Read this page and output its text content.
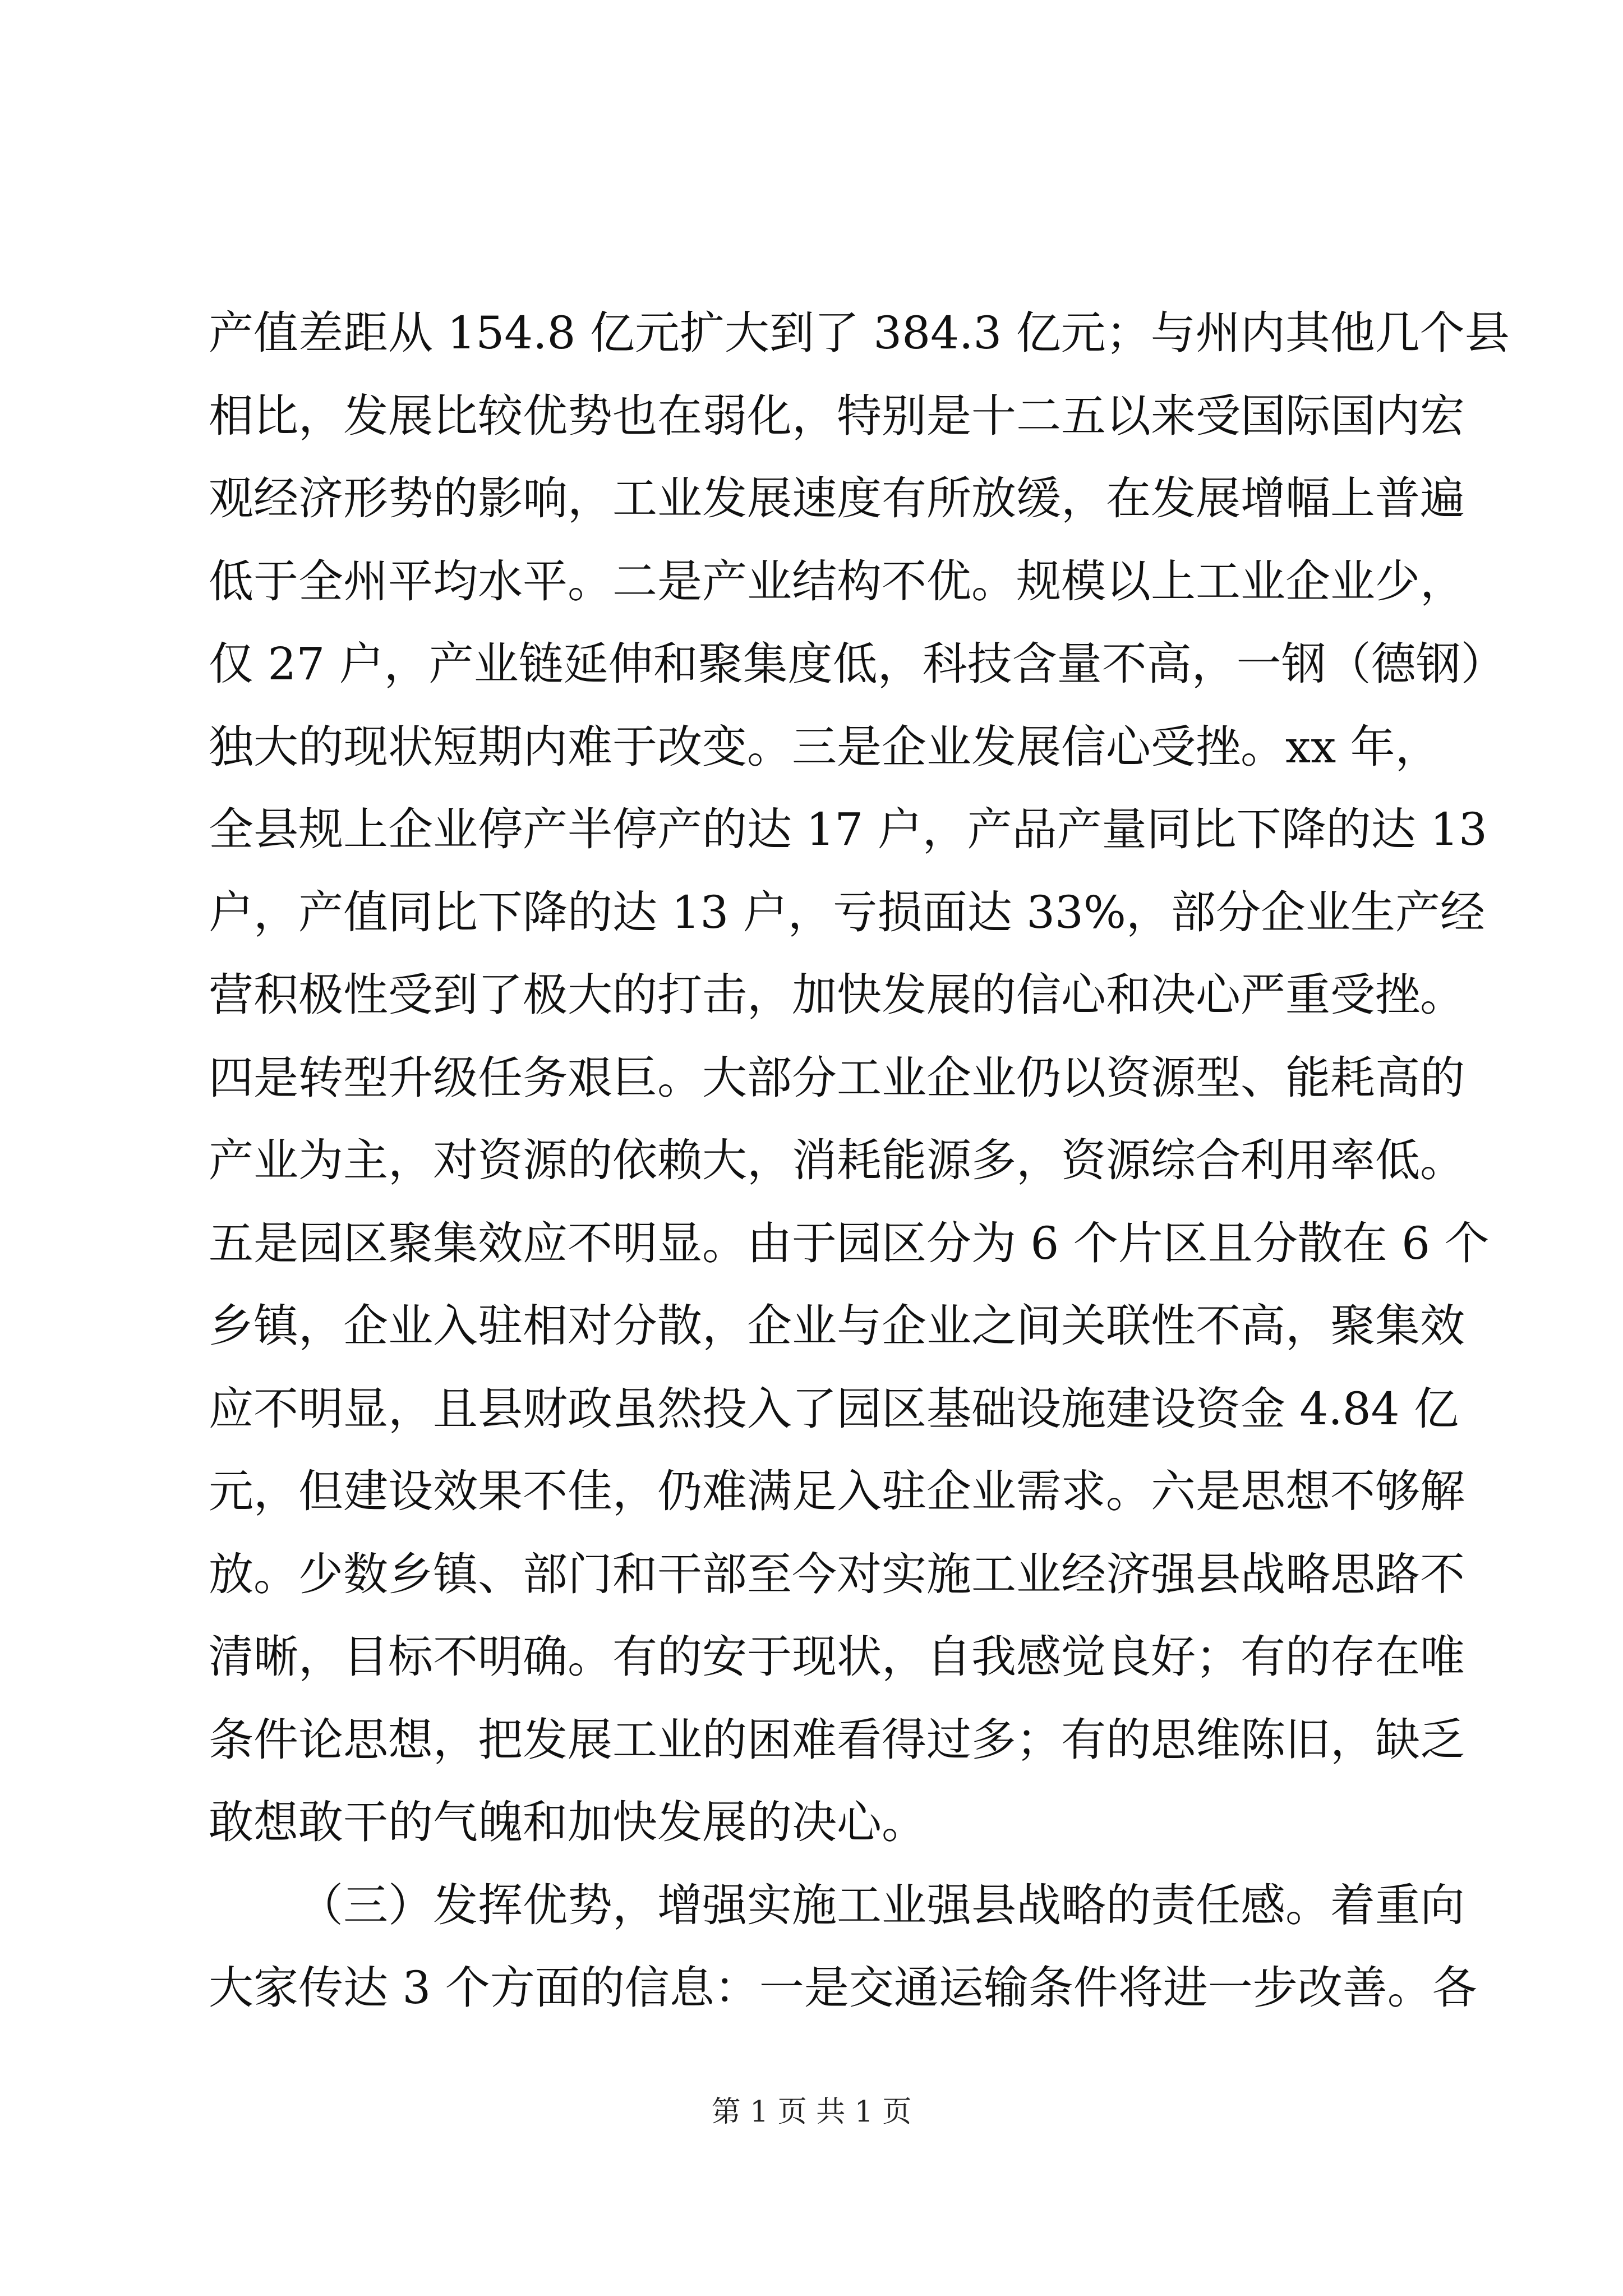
产值差距从 154.8 亿元扩大到了 384.3 亿元；与州内其他几个县
相比，发展比较优势也在弱化，特别是十二五以来受国际国内宏
观经济形势的影响，工业发展速度有所放缓，在发展增幅上普遍
低于全州平均水平。二是产业结构不优。规模以上工业企业少，
仅 27 户，产业链延伸和聚集度低，科技含量不高，一钢（德钢）
独大的现状短期内难于改变。三是企业发展信心受挫。xx 年，
全县规上企业停产半停产的达 17 户，产品产量同比下降的达 13
户，产值同比下降的达 13 户，亏损面达 33%，部分企业生产经
营积极性受到了极大的打击，加快发展的信心和决心严重受挫。
四是转型升级任务艰巨。大部分工业企业仍以资源型、能耗高的
产业为主，对资源的依赖大，消耗能源多，资源综合利用率低。
五是园区聚集效应不明显。由于园区分为 6 个片区且分散在 6 个
乡镇，企业入驻相对分散，企业与企业之间关联性不高，聚集效
应不明显，且县财政虽然投入了园区基础设施建设资金 4.84 亿
元，但建设效果不佳，仍难满足入驻企业需求。六是思想不够解
放。少数乡镇、部门和干部至今对实施工业经济强县战略思路不
清晰，目标不明确。有的安于现状，自我感觉良好；有的存在唯
条件论思想，把发展工业的困难看得过多；有的思维陈旧，缺乏
敢想敢干的气魄和加快发展的决心。
（三）发挥优势，增强实施工业强县战略的责任感。着重向
大家传达 3 个方面的信息：一是交通运输条件将进一步改善。各
第 1 页 共 1 页
